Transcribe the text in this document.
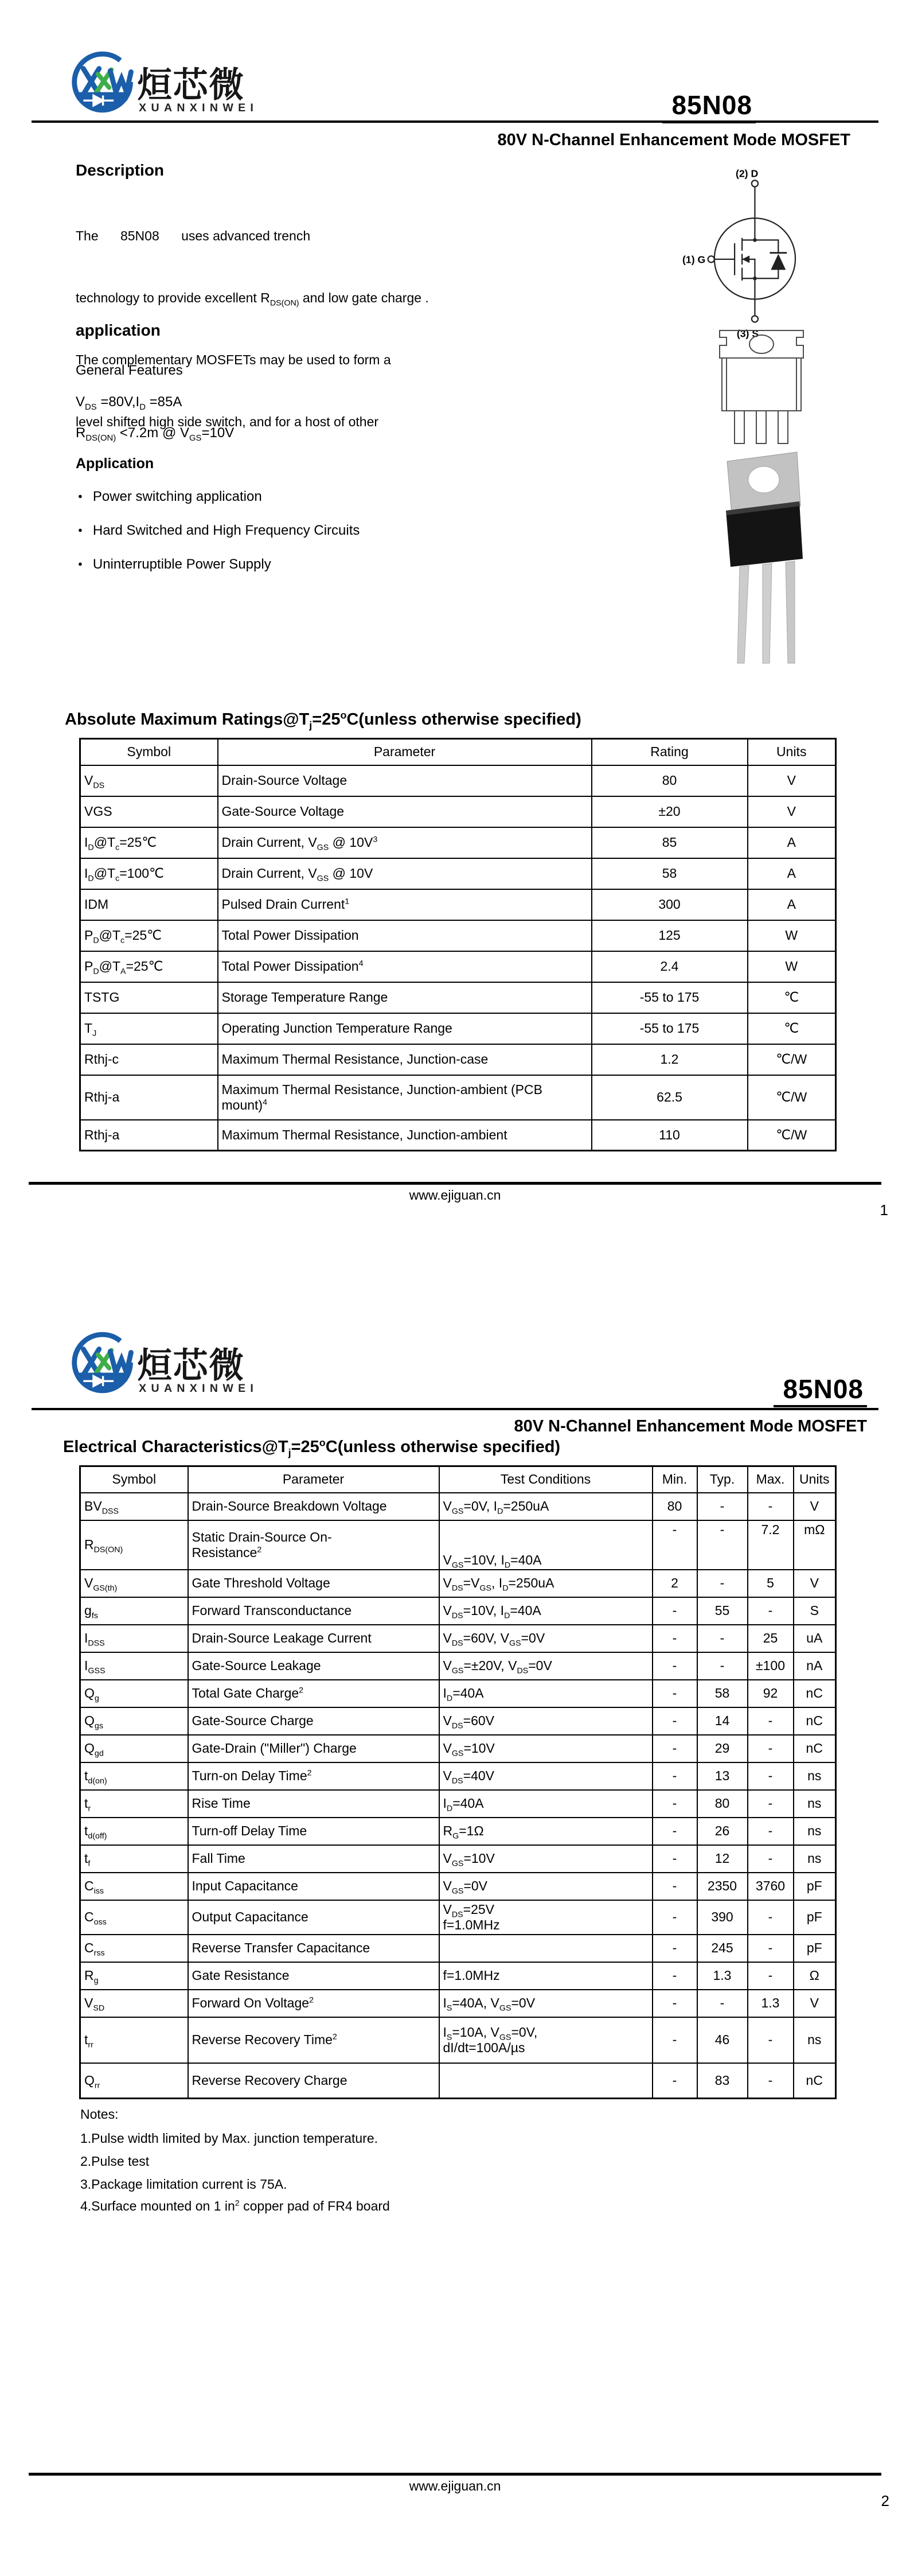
烜芯微
XUANXINWEI	85N08
80V N-Channel Enhancement Mode MOSFET
Description

The      85N08      uses advanced trench

technology to provide excellent $R_{DS(ON)}$ and low gate charge .

The complementary MOSFETs may be used to form a

level shifted high side switch, and for a host of other

application
General Features
$V_{DS} =80V,I_D =85A$
$R_{DS(ON)} <7.2m$ @ $V_{GS}=10V$
Application
● Power switching application
● Hard Switched and High Frequency Circuits
● Uninterruptible Power Supply
(2) D
(1) G
(3) S
Absolute Maximum $Ratings@T_j=25^oC(unless$ otherwise specified)
Symbol	Parameter	Rating	Units
$V_{DS}$	Drain-Source Voltage	80	V
VGS	Gate-Source Voltage	±20	V
$I_D@T_c=25℃$	Drain Current, $V_{GS}$ @ $10V^3$	85	A
$I_D@T_c=100℃$	Drain Current, $V_{GS}$ @ 10V	58	A
IDM	Pulsed Drain Current$^1$	300	A
$P_D@T_c=25℃$	Total Power Dissipation	125	W
$P_D@T_A=25℃$	Total Power Dissipation$^4$	2.4	W
TSTG	Storage Temperature Range	-55 to 175	℃
$T_J$	Operating Junction Temperature Range	-55 to 175	℃
Rthj-c	Maximum Thermal Resistance, Junction-case	1.2	℃/W
Rthj-a	Maximum Thermal Resistance, Junction-ambient (PCB
mount)$^4$	62.5	℃/W
Rthj-a	Maximum Thermal Resistance, Junction-ambient	110	℃/W
www.ejiguan.cn
1
烜芯微
XUANXINWEI	85N08
80V N-Channel Enhancement Mode MOSFET
Electrical $Characteristics@T_j=25^oC(unless$ otherwise specified)
Symbol	Parameter	Test Conditions	Min.	Typ.	Max.	Units
$BV_{DSS}$	Drain-Source Breakdown Voltage	$V_{GS}=0V$, $I_D=250uA$	80	-	-	V
$R_{DS(ON)}$	Static Drain-Source On-
Resistance$^2$	$V_{GS}=10V$, $I_D=40A$	-	-	7.2	mΩ
$V_{GS(th)}$	Gate Threshold Voltage	$V_{DS}=V_{GS}$, $I_D=250uA$	2	-	5	V
$g_{fs}$	Forward Transconductance	$V_{DS}=10V$, $I_D=40A$	-	55	-	S
$I_{DSS}$	Drain-Source Leakage Current	$V_{DS}=60V$, $V_{GS}=0V$	-	-	25	uA
$I_{GSS}$	Gate-Source Leakage	$V_{GS}=\pm 20V$, $V_{DS}=0V$	-	-	±100	nA
$Q_g$	Total Gate Charge$^2$	$I_D=40A$	-	58	92	nC
$Q_{gs}$	Gate-Source Charge	$V_{DS}=60V$	-	14	-	nC
$Q_{gd}$	Gate-Drain ("Miller") Charge	$V_{GS}=10V$	-	29	-	nC
$t_{d(on)}$	Turn-on Delay Time$^2$	$V_{DS}=40V$	-	13	-	ns
$t_r$	Rise Time	$I_D=40A$	-	80	-	ns
$t_{d(off)}$	Turn-off Delay Time	$R_G=1\Omega$	-	26	-	ns
$t_f$	Fall Time	$V_{GS}=10V$	-	12	-	ns
$C_{iss}$	Input Capacitance	$V_{GS}=0V$	-	2350	3760	pF
$C_{oss}$	Output Capacitance	$V_{DS}=25V$
f=1.0MHz	-	390	-	pF
$C_{rss}$	Reverse Transfer Capacitance		-	245	-	pF
$R_g$	Gate Resistance	f=1.0MHz	-	1.3	-	Ω
$V_{SD}$	Forward On Voltage$^2$	$I_S=40A$, $V_{GS}=0V$	-	-	1.3	V
$t_{rr}$	Reverse Recovery Time$^2$	$I_S=10A$, $V_{GS}=0V$,
dI/dt=100A/µs	-	46	-	ns
$Q_{rr}$	Reverse Recovery Charge		-	83	-	nC
Notes:
1.Pulse width limited by Max. junction temperature.
2.Pulse test
3.Package limitation current is 75A.
4.Surface mounted on 1 $in^2$ copper pad of FR4 board
www.ejiguan.cn
2
